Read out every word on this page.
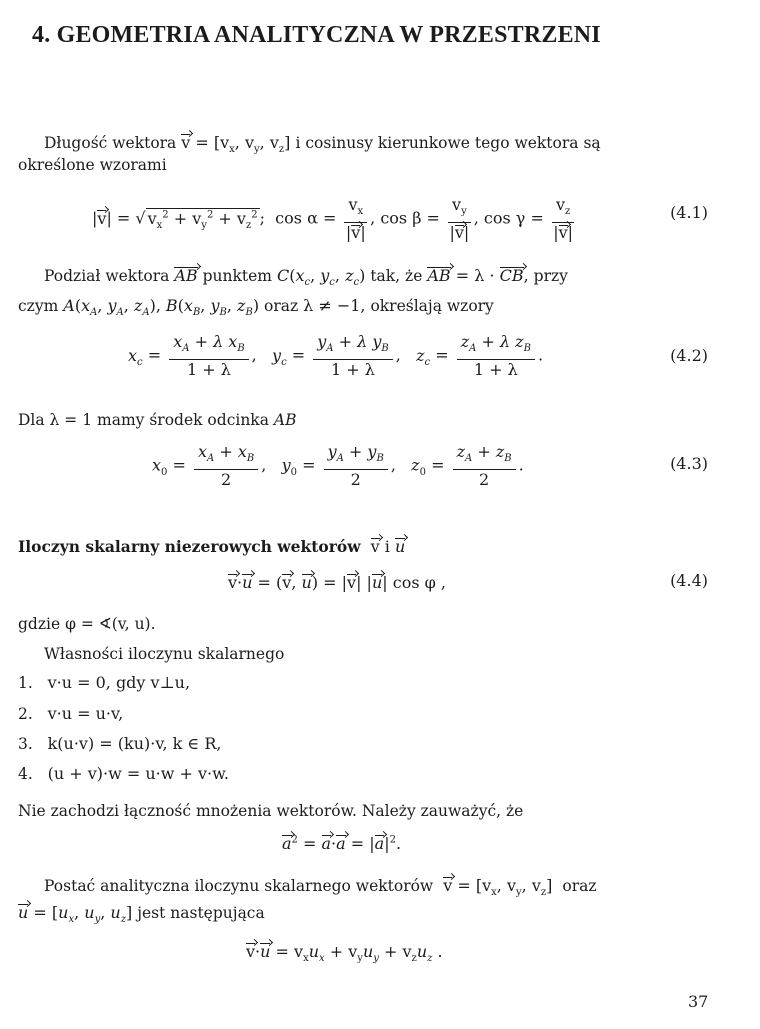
4. GEOMETRIA ANALITYCZNA W PRZESTRZENI
Długość wektora $v = [v_x$, $v_y$, $v_z$] i cosinusy kierunkowe tego wektora są
określone wzorami
|v| = √ $v_x^2 + v_y^2 + v_z^2$ ;  $\cos \alpha = \frac{v_x}{|v|}$ , $\cos \beta = \frac{v_y}{|v|}$ , $\cos \gamma = \frac{v_z}{|v|}$	(4.1)
Podział wektora AB punktem $C(x_c$, $y_c$, $z_c$) tak, że AB = λ · CB, przy
czym $A(x_A$, $y_A$, $z_A$), $B(x_B$, $y_B$, $z_B$) oraz λ ≠ −1, określają wzory
$x_c = \frac{x_A + \lambda x_B}{1 + \lambda}$ ,   $y_c = \frac{y_A + \lambda y_B}{1 + \lambda}$ ,   $z_c = \frac{z_A + \lambda z_B}{1 + \lambda}$ .	(4.2)
Dla λ = 1 mamy środek odcinka AB
$x_0 = \frac{x_A + x_B}{2}$ ,   $y_0 = \frac{y_A + y_B}{2}$ ,   $z_0 = \frac{z_A + z_B}{2}$ .	(4.3)
Iloczyn skalarny niezerowych wektorów v i u
v·u = (v, u) = |v| |u| cos φ ,	(4.4)
gdzie φ = ∢(v, u).
Własności iloczynu skalarnego
1. v·u = 0, gdy v⊥u,
2. v·u = u·v,
3. k(u·v) = (ku)·v, k ∈ R,
4. (u + v)·w = u·w + v·w.
Nie zachodzi łączność mnożenia wektorów. Należy zauważyć, że
$a^2 = a\cdot a = |a|^2$.
Postać analityczna iloczynu skalarnego wektorów $v = [v_x$, $v_y$, $v_z$]  oraz
$u = [u_x$, $u_y$, $u_z$] jest następująca
$v\cdot u = v_xu_x + v_yu_y + v_zu_z$ .
37
